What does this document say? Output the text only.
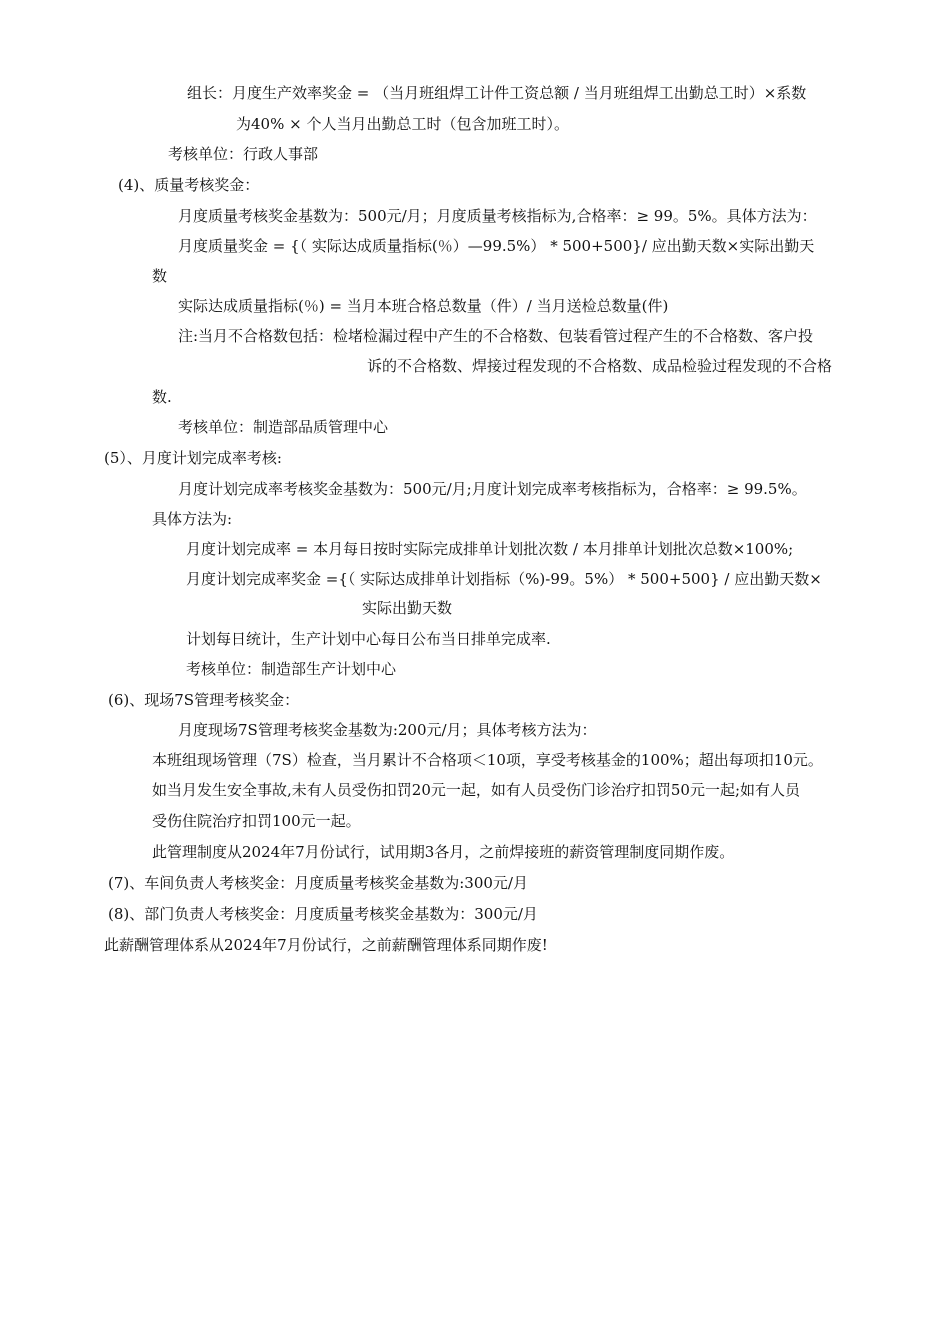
组长：月度生产效率奖金 = （当月班组焊工计件工资总额 / 当月班组焊工出勤总工时）×系数
为40% × 个人当月出勤总工时（包含加班工时）。
考核单位：行政人事部
(4)、质量考核奖金：
月度质量考核奖金基数为：500元/月；月度质量考核指标为,合格率：≥ 99。5%。具体方法为：
月度质量奖金 = {（ 实际达成质量指标(％）—99.5%） * 500+500}/ 应出勤天数×实际出勤天
数
实际达成质量指标(％) = 当月本班合格总数量（件）/ 当月送检总数量(件)
注:当月不合格数包括：检堵检漏过程中产生的不合格数、包装看管过程产生的不合格数、客户投
诉的不合格数、焊接过程发现的不合格数、成品检验过程发现的不合格
数.
考核单位：制造部品质管理中心
(5）、月度计划完成率考核:
月度计划完成率考核奖金基数为：500元/月;月度计划完成率考核指标为，合格率：≥ 99.5%。
具体方法为:
月度计划完成率 = 本月每日按时实际完成排单计划批次数 / 本月排单计划批次总数×100%;
月度计划完成率奖金 ={（ 实际达成排单计划指标（%)-99。5%） * 500+500} / 应出勤天数×
实际出勤天数
计划每日统计，生产计划中心每日公布当日排单完成率.
考核单位：制造部生产计划中心
(6)、现场7S管理考核奖金：
月度现场7S管理考核奖金基数为:200元/月；具体考核方法为：
本班组现场管理（7S）检查，当月累计不合格项＜10项，享受考核基金的100%；超出每项扣10元。
如当月发生安全事故,未有人员受伤扣罚20元一起，如有人员受伤门诊治疗扣罚50元一起;如有人员
受伤住院治疗扣罚100元一起。
此管理制度从2024年7月份试行，试用期3各月，之前焊接班的薪资管理制度同期作废。
(7)、车间负责人考核奖金：月度质量考核奖金基数为:300元/月
(8)、部门负责人考核奖金：月度质量考核奖金基数为：300元/月
此薪酬管理体系从2024年7月份试行，之前薪酬管理体系同期作废!
